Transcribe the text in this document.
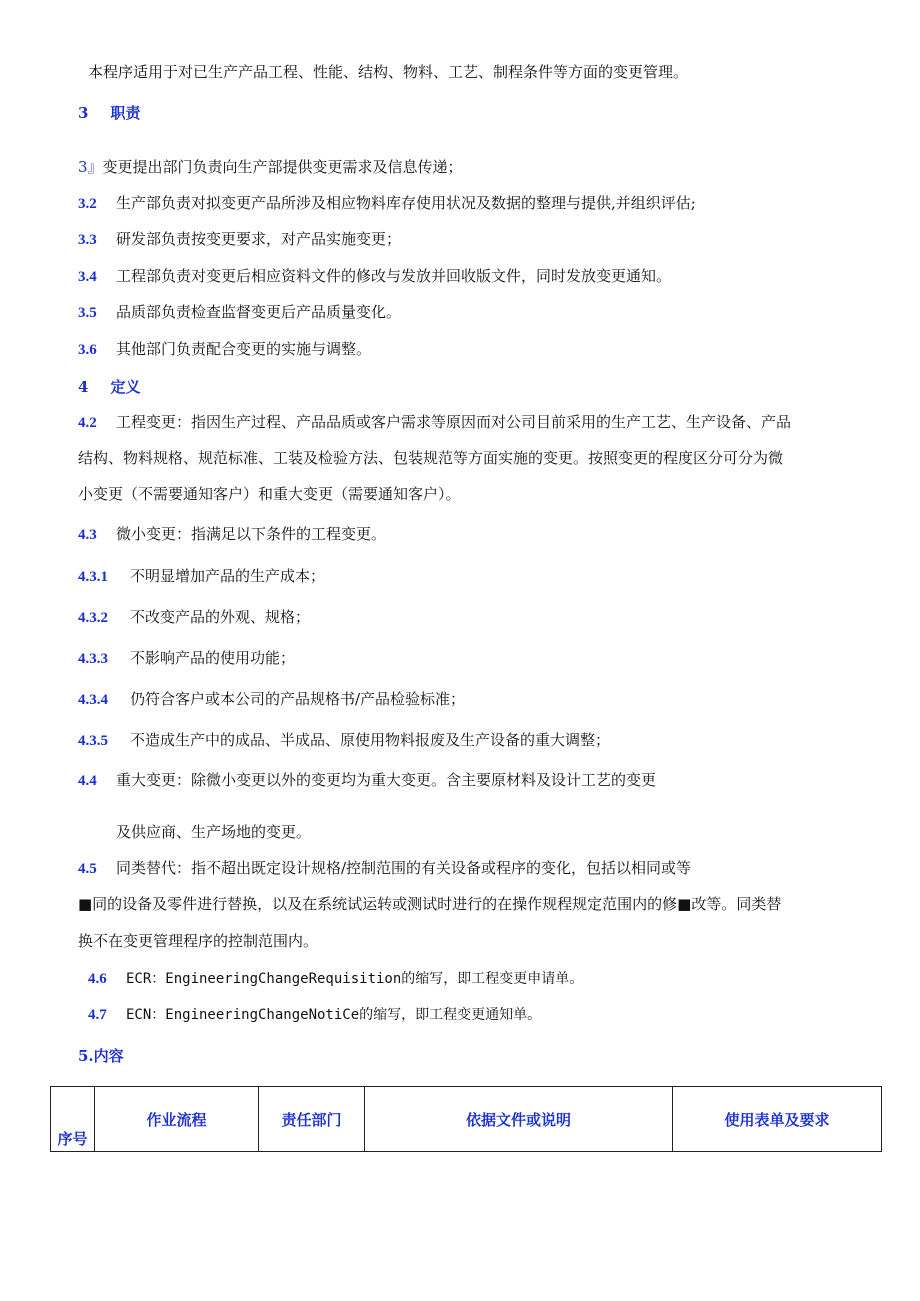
本程序适用于对已生产产品工程、性能、结构、物料、工艺、制程条件等方面的变更管理。
3 职责
3』变更提出部门负责向生产部提供变更需求及信息传递；
3.2 生产部负责对拟变更产品所涉及相应物料库存使用状况及数据的整理与提供,并组织评估;
3.3 研发部负责按变更要求，对产品实施变更；
3.4 工程部负责对变更后相应资料文件的修改与发放并回收版文件，同时发放变更通知。
3.5 品质部负责检查监督变更后产品质量变化。
3.6 其他部门负责配合变更的实施与调整。
4 定义
4.2 工程变更：指因生产过程、产品品质或客户需求等原因而对公司目前采用的生产工艺、生产设备、产品
结构、物料规格、规范标准、工装及检验方法、包装规范等方面实施的变更。按照变更的程度区分可分为微
小变更（不需要通知客户）和重大变更（需要通知客户）。
4.3 微小变更：指满足以下条件的工程变更。
4.3.1 不明显增加产品的生产成本；
4.3.2 不改变产品的外观、规格；
4.3.3 不影响产品的使用功能；
4.3.4 仍符合客户或本公司的产品规格书/产品检验标准；
4.3.5 不造成生产中的成品、半成品、原使用物料报废及生产设备的重大调整；
4.4 重大变更：除微小变更以外的变更均为重大变更。含主要原材料及设计工艺的变更
及供应商、生产场地的变更。
4.5 同类替代：指不超出既定设计规格/控制范围的有关设备或程序的变化，包括以相同或等
■同的设备及零件进行替换，以及在系统试运转或测试时进行的在操作规程规定范围内的修■改等。同类替
换不在变更管理程序的控制范围内。
4.6 ECR：EngineeringChangeRequisition的缩写，即工程变更申请单。
4.7 ECN：EngineeringChangeNotiCe的缩写，即工程变更通知单。
5.内容
序号	作业流程	责任部门	依据文件或说明	使用表单及要求
